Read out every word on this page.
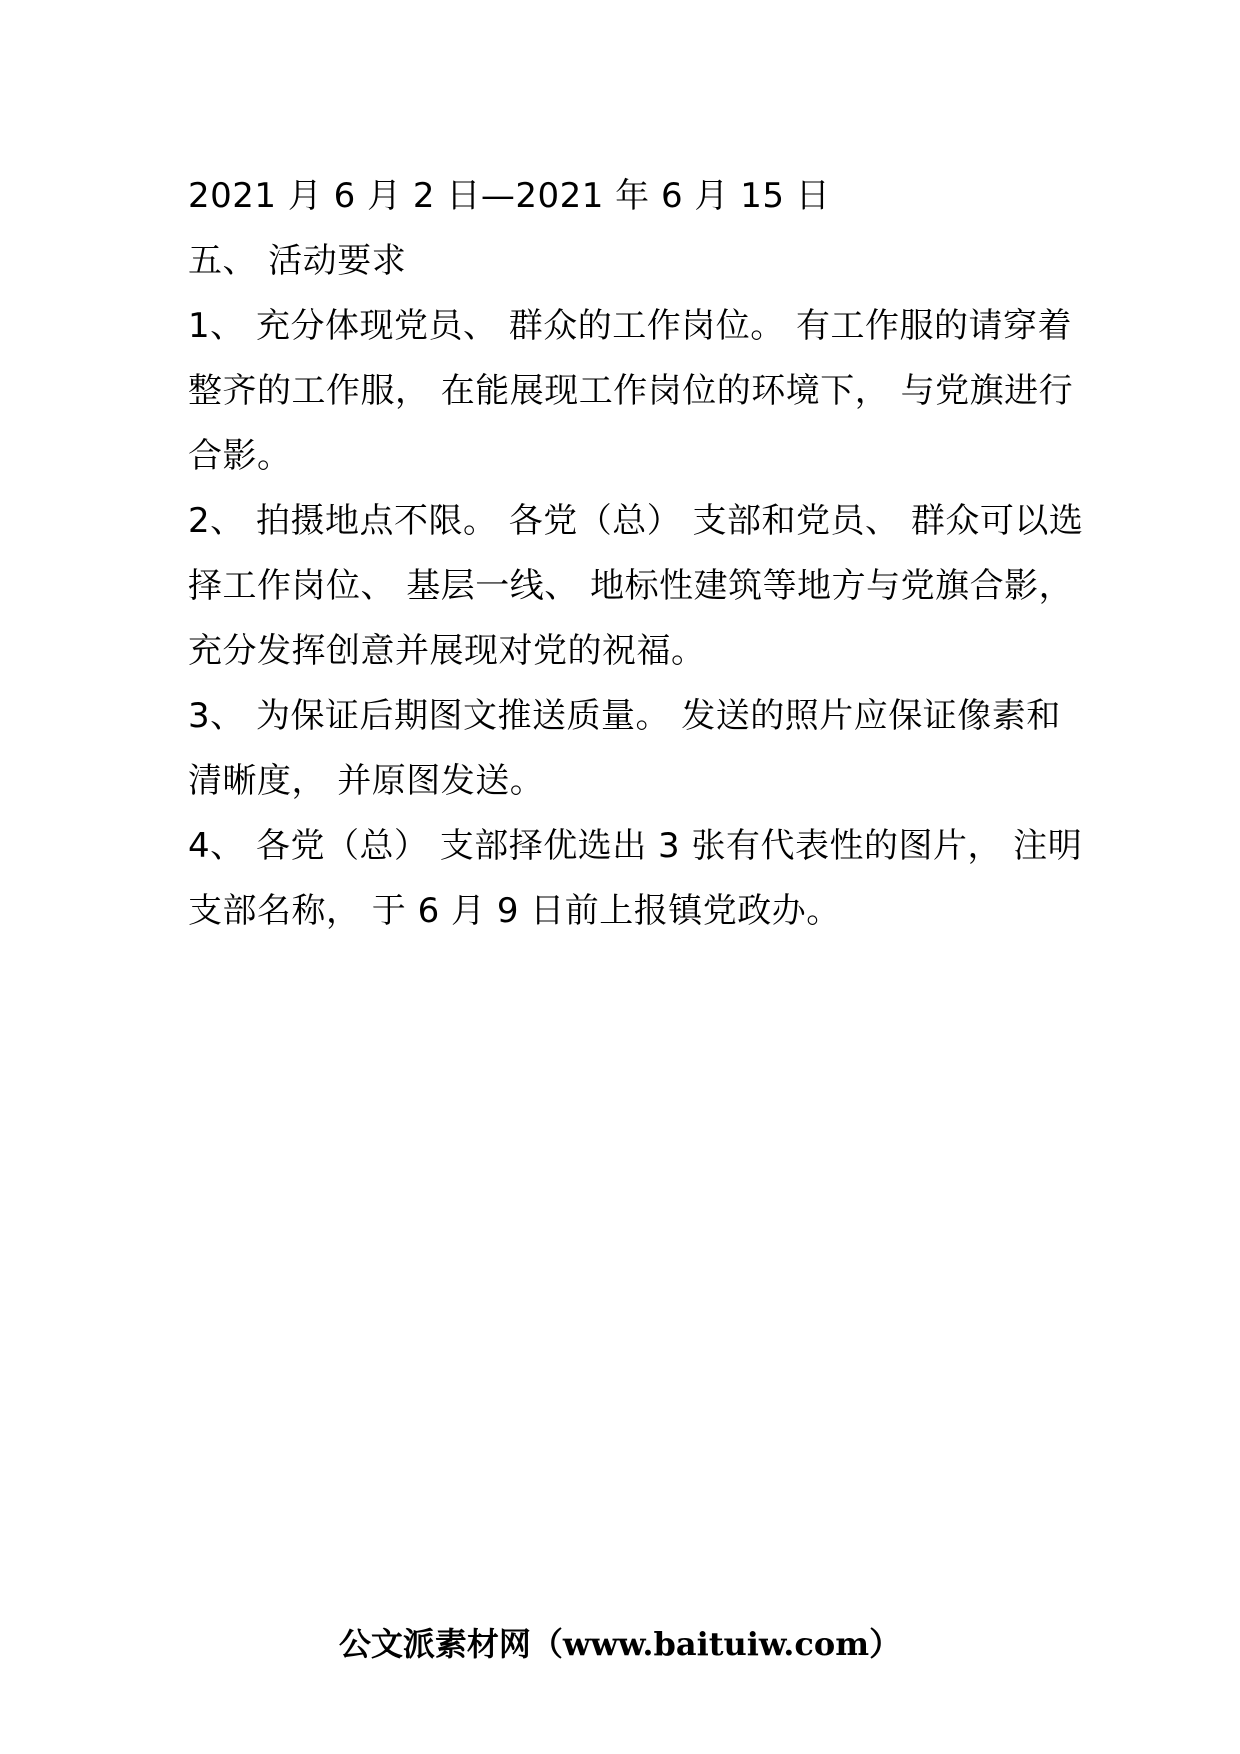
2021 月 6 月 2 日—2021 年 6 月 15 日
五、 活动要求
1、 充分体现党员、 群众的工作岗位。 有工作服的请穿着
整齐的工作服， 在能展现工作岗位的环境下， 与党旗进行
合影。
2、 拍摄地点不限。 各党（总） 支部和党员、 群众可以选
择工作岗位、 基层一线、 地标性建筑等地方与党旗合影，
充分发挥创意并展现对党的祝福。
3、 为保证后期图文推送质量。 发送的照片应保证像素和
清晰度， 并原图发送。
4、 各党（总） 支部择优选出 3 张有代表性的图片， 注明
支部名称， 于 6 月 9 日前上报镇党政办。
公文派素材网（www.baituiw.com）
